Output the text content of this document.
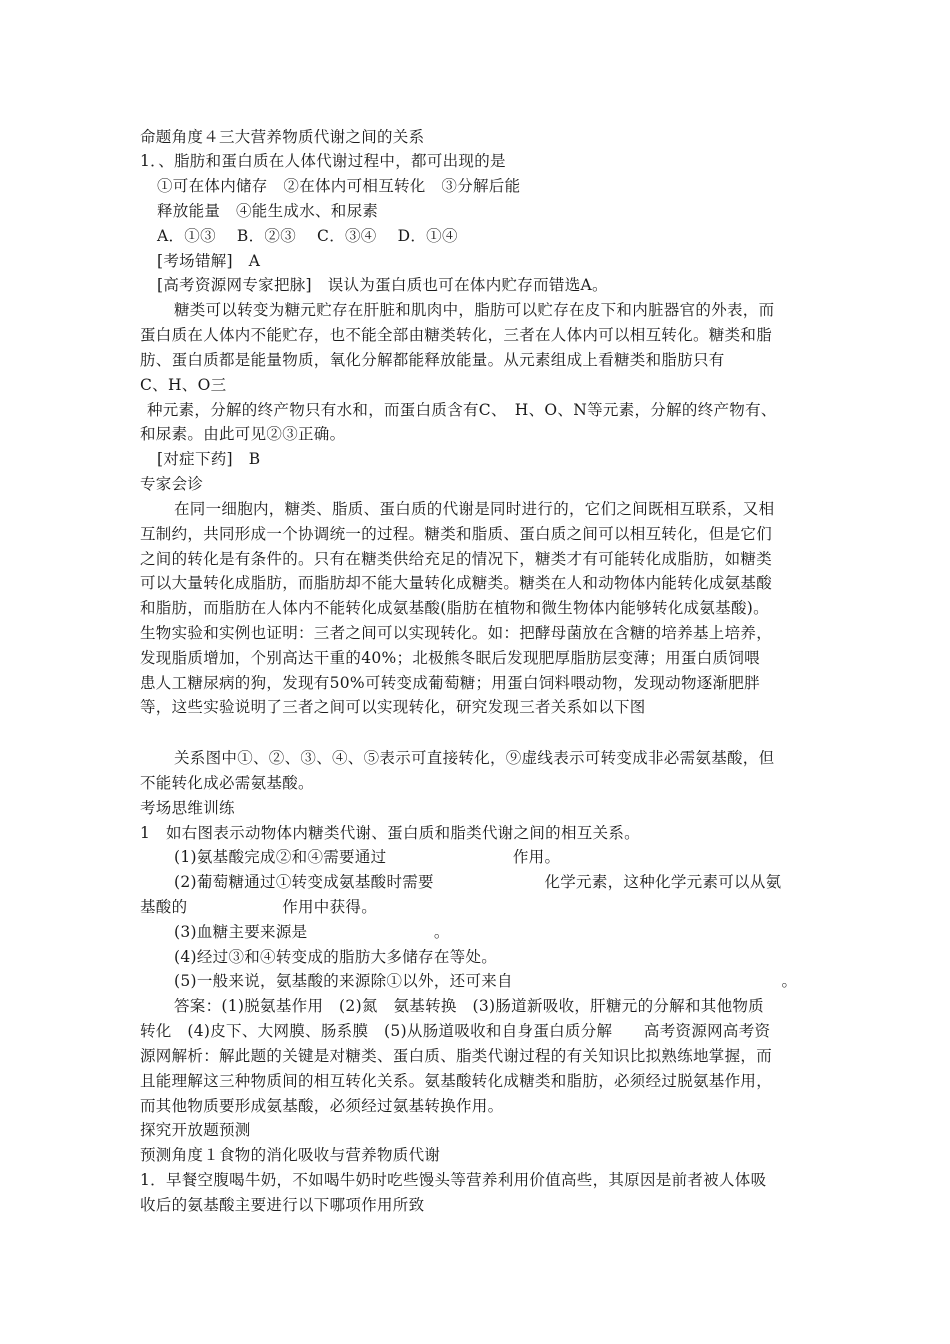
命题角度４三大营养物质代谢之间的关系
1．、脂肪和蛋白质在人体代谢过程中，都可出现的是
①可在体内储存　②在体内可相互转化　③分解后能
释放能量　④能生成水、和尿素
A．①③　 B．②③　 C．③④　 D．①④
[考场错解]　A
[高考资源网专家把脉]　误认为蛋白质也可在体内贮存而错选A。
糖类可以转变为糖元贮存在肝脏和肌肉中，脂肪可以贮存在皮下和内脏器官的外表，而
蛋白质在人体内不能贮存，也不能全部由糖类转化，三者在人体内可以相互转化。糖类和脂
肪、蛋白质都是能量物质，氧化分解都能释放能量。从元素组成上看糖类和脂肪只有
C、H、O三
种元素，分解的终产物只有水和，而蛋白质含有C、　H、O、N等元素，分解的终产物有、
和尿素。由此可见②③正确。
[对症下药]　B
专家会诊
在同一细胞内，糖类、脂质、蛋白质的代谢是同时进行的，它们之间既相互联系，又相
互制约，共同形成一个协调统一的过程。糖类和脂质、蛋白质之间可以相互转化，但是它们
之间的转化是有条件的。只有在糖类供给充足的情况下，糖类才有可能转化成脂肪，如糖类
可以大量转化成脂肪，而脂肪却不能大量转化成糖类。糖类在人和动物体内能转化成氨基酸
和脂肪，而脂肪在人体内不能转化成氨基酸(脂肪在植物和微生物体内能够转化成氨基酸)。
生物实验和实例也证明：三者之间可以实现转化。如：把酵母菌放在含糖的培养基上培养，
发现脂质增加，个别高达干重的40%；北极熊冬眠后发现肥厚脂肪层变薄；用蛋白质饲喂
患人工糖尿病的狗，发现有50%可转变成葡萄糖；用蛋白饲料喂动物，发现动物逐渐肥胖
等，这些实验说明了三者之间可以实现转化，研究发现三者关系如以下图
关系图中①、②、③、④、⑤表示可直接转化，⑨虚线表示可转变成非必需氨基酸，但
不能转化成必需氨基酸。
考场思维训练
1　如右图表示动物体内糖类代谢、蛋白质和脂类代谢之间的相互关系。
(1)氨基酸完成②和④需要通过　　　　　　　　作用。
(2)葡萄糖通过①转变成氨基酸时需要　　　　　　　化学元素，这种化学元素可以从氨
基酸的　　　　　　作用中获得。
(3)血糖主要来源是　　　　　　　　。
(4)经过③和④转变成的脂肪大多储存在等处。
(5)一般来说，氨基酸的来源除①以外，还可来自　　　　　　　　　　　　　　　　　。
答案：(1)脱氨基作用　(2)氮　氨基转换　(3)肠道新吸收，肝糖元的分解和其他物质
转化　(4)皮下、大网膜、肠系膜　(5)从肠道吸收和自身蛋白质分解　　高考资源网高考资
源网解析：解此题的关键是对糖类、蛋白质、脂类代谢过程的有关知识比拟熟练地掌握，而
且能理解这三种物质间的相互转化关系。氨基酸转化成糖类和脂肪，必须经过脱氨基作用，
而其他物质要形成氨基酸，必须经过氨基转换作用。
探究开放题预测
预测角度１食物的消化吸收与营养物质代谢
1．早餐空腹喝牛奶，不如喝牛奶时吃些馒头等营养利用价值高些，其原因是前者被人体吸
收后的氨基酸主要进行以下哪项作用所致
